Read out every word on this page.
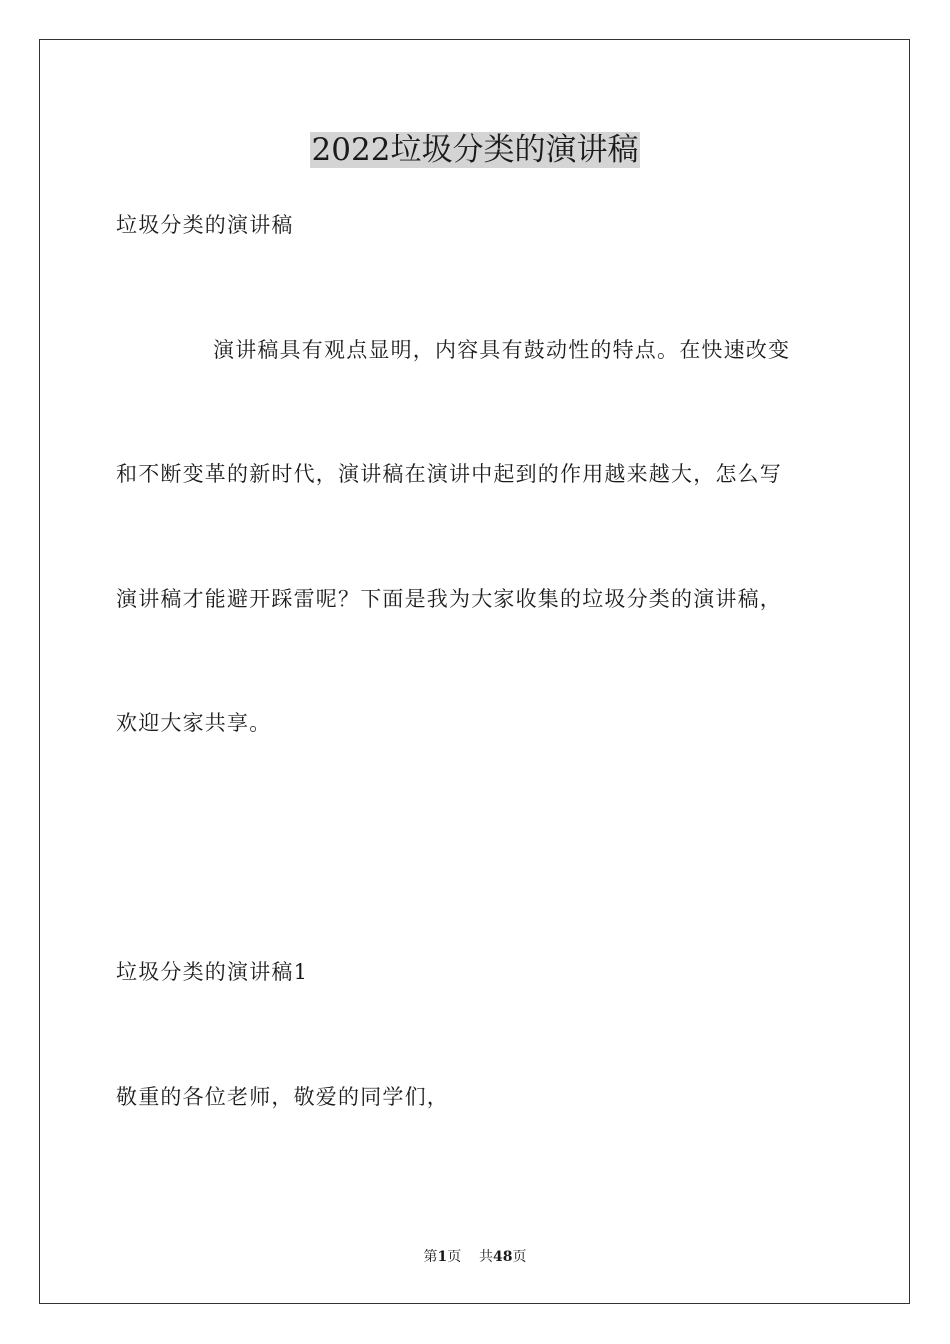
2022垃圾分类的演讲稿

垃圾分类的演讲稿

演讲稿具有观点显明，内容具有鼓动性的特点。在快速改变

和不断变革的新时代，演讲稿在演讲中起到的作用越来越大，怎么写

演讲稿才能避开踩雷呢？下面是我为大家收集的垃圾分类的演讲稿，

欢迎大家共享。

垃圾分类的演讲稿1

敬重的各位老师，敬爱的同学们，

第1页 共48页
